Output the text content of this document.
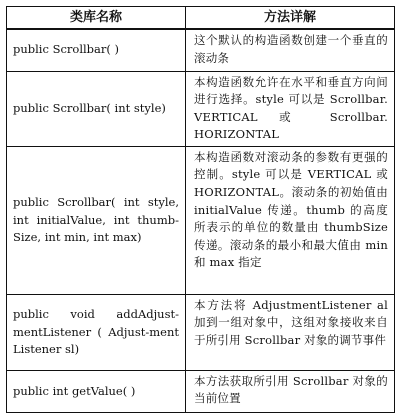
类库名称	方法详解
public Scrollbar( )	这个默认的构造函数创建一个垂直的滚动条
public Scrollbar( int style)	本构造函数允许在水平和垂直方向间进行选择。style 可以是 Scrollbar. VERTICAL 或 Scrollbar. HORIZONTAL
public Scrollbar( int style, int initialValue, int thumb-Size, int min, int max)	本构造函数对滚动条的参数有更强的控制。style 可以是 VERTICAL 或 HORIZONTAL。滚动条的初始值由 initialValue 传递。thumb 的高度所表示的单位的数量由 thumbSize 传递。滚动条的最小和最大值由 min 和 max 指定
public void addAdjust-mentListener ( Adjust-ment Listener sl)	本方法将 AdjustmentListener al 加到一组对象中，这组对象接收来自于所引用 Scrollbar 对象的调节事件
public int getValue( )	本方法获取所引用 Scrollbar 对象的当前位置
